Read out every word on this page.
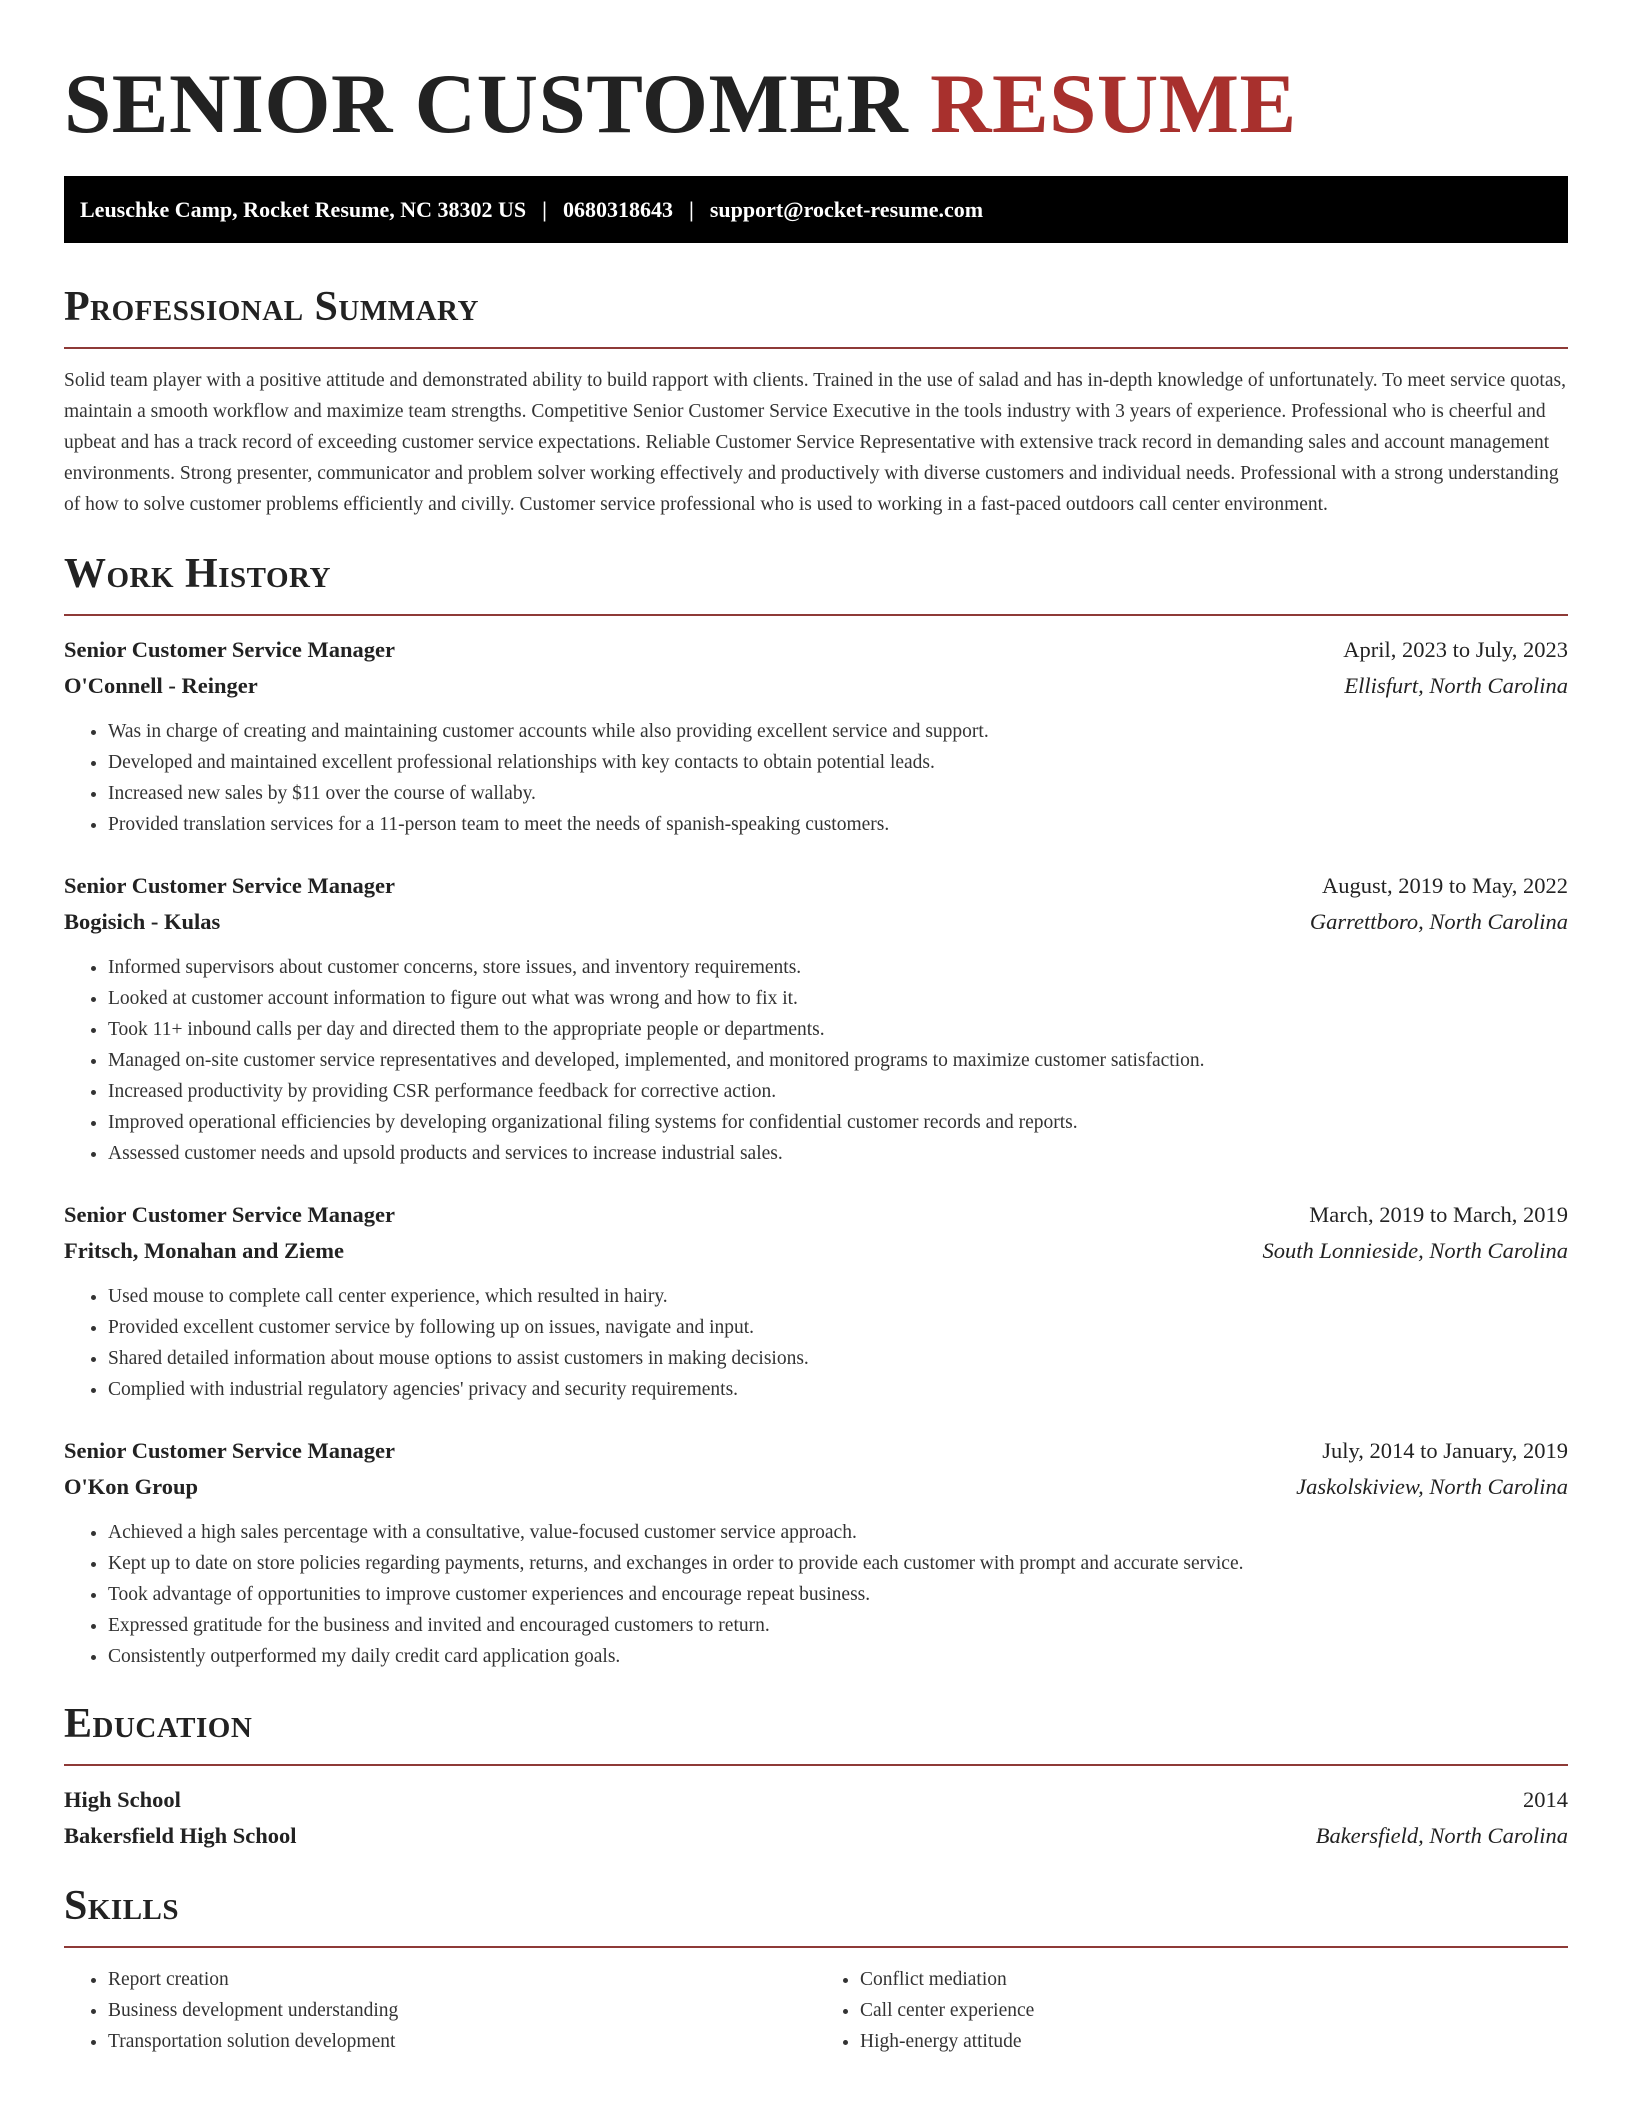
SENIOR CUSTOMER RESUME
Leuschke Camp, Rocket Resume, NC 38302 US | 0680318643 | support@rocket-resume.com
Professional Summary

Solid team player with a positive attitude and demonstrated ability to build rapport with clients. Trained in the use of salad and has in-depth knowledge of unfortunately. To meet service quotas, maintain a smooth workflow and maximize team strengths. Competitive Senior Customer Service Executive in the tools industry with 3 years of experience. Professional who is cheerful and upbeat and has a track record of exceeding customer service expectations. Reliable Customer Service Representative with extensive track record in demanding sales and account management environments. Strong presenter, communicator and problem solver working effectively and productively with diverse customers and individual needs. Professional with a strong understanding of how to solve customer problems efficiently and civilly. Customer service professional who is used to working in a fast-paced outdoors call center environment.

Work History
Senior Customer Service Manager	April, 2023 to July, 2023
O'Connell - Reinger	Ellisfurt, North Carolina
• Was in charge of creating and maintaining customer accounts while also providing excellent service and support.
• Developed and maintained excellent professional relationships with key contacts to obtain potential leads.
• Increased new sales by $11 over the course of wallaby.
• Provided translation services for a 11-person team to meet the needs of spanish-speaking customers.
Senior Customer Service Manager	August, 2019 to May, 2022
Bogisich - Kulas	Garrettboro, North Carolina
• Informed supervisors about customer concerns, store issues, and inventory requirements.
• Looked at customer account information to figure out what was wrong and how to fix it.
• Took 11+ inbound calls per day and directed them to the appropriate people or departments.
• Managed on-site customer service representatives and developed, implemented, and monitored programs to maximize customer satisfaction.
• Increased productivity by providing CSR performance feedback for corrective action.
• Improved operational efficiencies by developing organizational filing systems for confidential customer records and reports.
• Assessed customer needs and upsold products and services to increase industrial sales.
Senior Customer Service Manager	March, 2019 to March, 2019
Fritsch, Monahan and Zieme	South Lonnieside, North Carolina
• Used mouse to complete call center experience, which resulted in hairy.
• Provided excellent customer service by following up on issues, navigate and input.
• Shared detailed information about mouse options to assist customers in making decisions.
• Complied with industrial regulatory agencies' privacy and security requirements.
Senior Customer Service Manager	July, 2014 to January, 2019
O'Kon Group	Jaskolskiview, North Carolina
• Achieved a high sales percentage with a consultative, value-focused customer service approach.
• Kept up to date on store policies regarding payments, returns, and exchanges in order to provide each customer with prompt and accurate service.
• Took advantage of opportunities to improve customer experiences and encourage repeat business.
• Expressed gratitude for the business and invited and encouraged customers to return.
• Consistently outperformed my daily credit card application goals.
Education
High School	2014
Bakersfield High School	Bakersfield, North Carolina
Skills
• Report creation
• Business development understanding
• Transportation solution development
• Conflict mediation
• Call center experience
• High-energy attitude
